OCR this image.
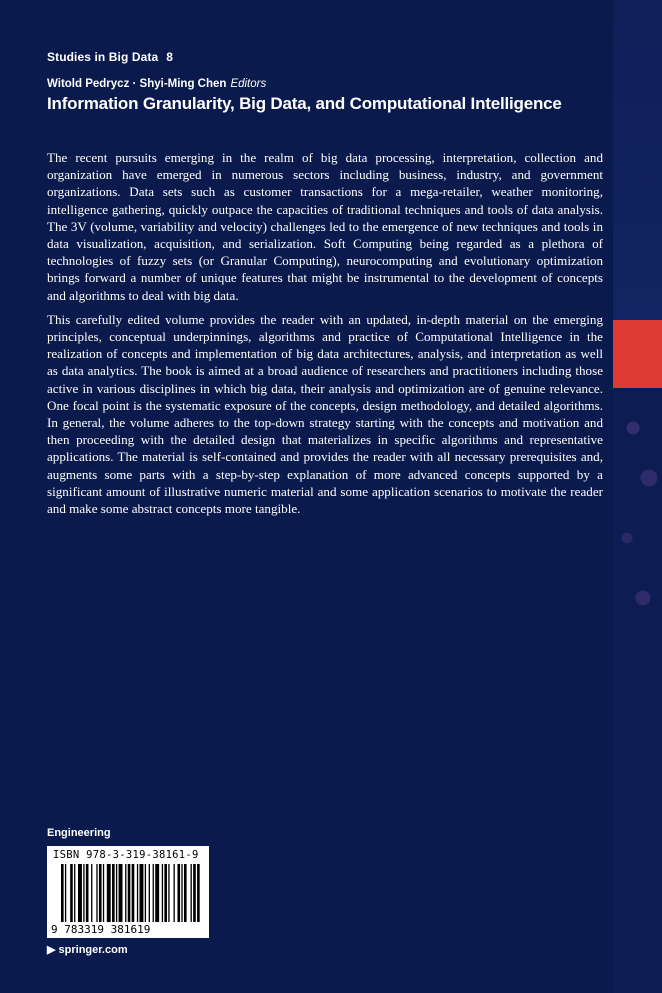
Studies in Big Data 8
Witold Pedrycz · Shyi-Ming Chen Editors
Information Granularity, Big Data, and Computational Intelligence

The recent pursuits emerging in the realm of big data processing, interpretation, collection and organization have emerged in numerous sectors including business, industry, and government organizations. Data sets such as customer transactions for a mega-retailer, weather monitoring, intelligence gathering, quickly outpace the capacities of traditional techniques and tools of data analysis. The 3V (volume, variability and velocity) challenges led to the emergence of new techniques and tools in data visualization, acquisition, and serialization. Soft Computing being regarded as a plethora of technologies of fuzzy sets (or Granular Computing), neurocomputing and evolutionary optimization brings forward a number of unique features that might be instrumental to the development of concepts and algorithms to deal with big data.

This carefully edited volume provides the reader with an updated, in-depth material on the emerging principles, conceptual underpinnings, algorithms and practice of Computational Intelligence in the realization of concepts and implementation of big data architectures, analysis, and interpretation as well as data analytics. The book is aimed at a broad audience of researchers and practitioners including those active in various disciplines in which big data, their analysis and optimization are of genuine relevance. One focal point is the systematic exposure of the concepts, design methodology, and detailed algorithms. In general, the volume adheres to the top-down strategy starting with the concepts and motivation and then proceeding with the detailed design that materializes in specific algorithms and representative applications. The material is self-contained and provides the reader with all necessary prerequisites and, augments some parts with a step-by-step explanation of more advanced concepts supported by a significant amount of illustrative numeric material and some application scenarios to motivate the reader and make some abstract concepts more tangible.

Engineering
ISBN 978-3-319-38161-9
9 783319 381619
▶ springer.com
